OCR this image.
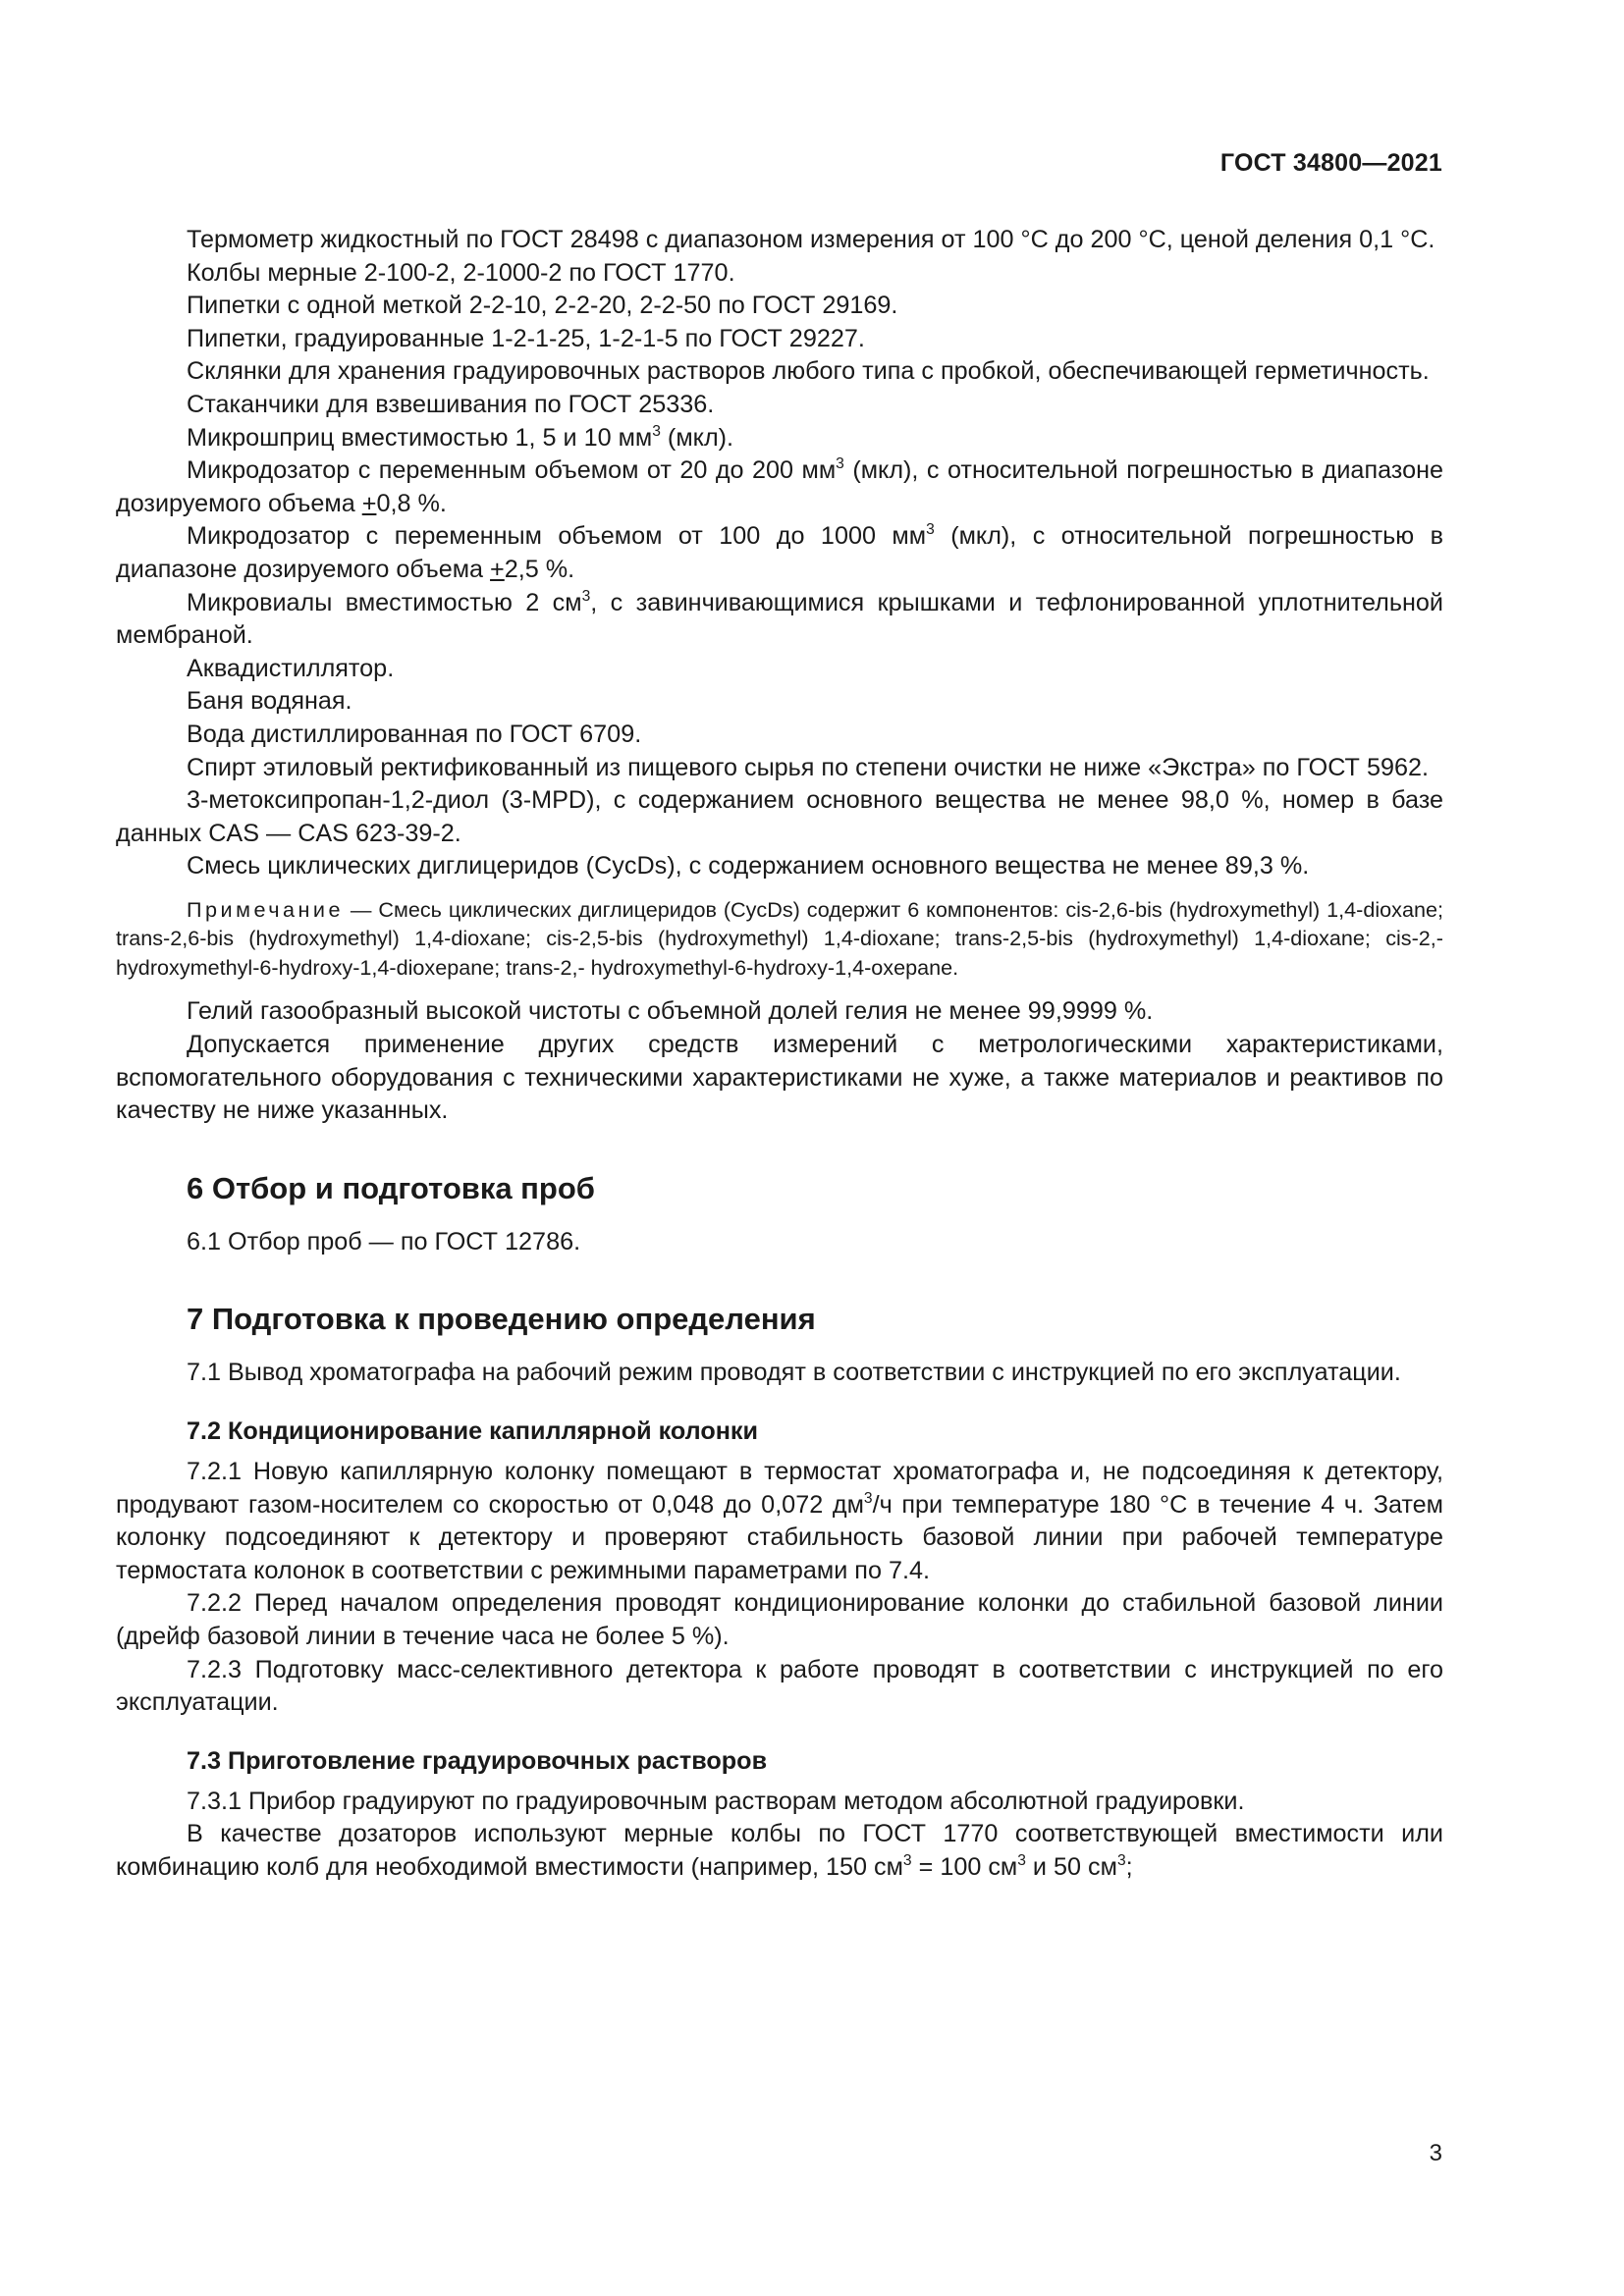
ГОСТ 34800—2021

Термометр жидкостный по ГОСТ 28498 с диапазоном измерения от 100 °С до 200 °С, ценой деления 0,1 °С.

Колбы мерные 2-100-2, 2-1000-2 по ГОСТ 1770.

Пипетки с одной меткой 2-2-10, 2-2-20, 2-2-50 по ГОСТ 29169.

Пипетки, градуированные 1-2-1-25, 1-2-1-5 по ГОСТ 29227.

Склянки для хранения градуировочных растворов любого типа с пробкой, обеспечивающей герметичность.

Стаканчики для взвешивания по ГОСТ 25336.

Микрошприц вместимостью 1, 5 и 10 $мм^3$ (мкл).

Микродозатор с переменным объемом от 20 до 200 $мм^3$ (мкл), с относительной погрешностью в диапазоне дозируемого объема +0,8 %.

Микродозатор с переменным объемом от 100 до 1000 $мм^3$ (мкл), с относительной погрешностью в диапазоне дозируемого объема +2,5 %.

Микровиалы вместимостью 2 $см^3$, с завинчивающимися крышками и тефлонированной уплотнительной мембраной.

Аквадистиллятор.

Баня водяная.

Вода дистиллированная по ГОСТ 6709.

Спирт этиловый ректификованный из пищевого сырья по степени очистки не ниже «Экстра» по ГОСТ 5962.

3-метоксипропан-1,2-диол (3-MPD), с содержанием основного вещества не менее 98,0 %, номер в базе данных CAS — CAS 623-39-2.

Смесь циклических диглицеридов (CycDs), с содержанием основного вещества не менее 89,3 %.

Примечание — Смесь циклических диглицеридов (CycDs) содержит 6 компонентов: cis-2,6-bis (hydroxymethyl) 1,4-dioxane; trans-2,6-bis (hydroxymethyl) 1,4-dioxane; cis-2,5-bis (hydroxymethyl) 1,4-dioxane; trans-2,5-bis (hydroxymethyl) 1,4-dioxane; cis-2,-hydroxymethyl-6-hydroxy-1,4-dioxepane; trans-2,- hydroxymethyl-6-hydroxy-1,4-oxepane.

Гелий газообразный высокой чистоты с объемной долей гелия не менее 99,9999 %.

Допускается применение других средств измерений с метрологическими характеристиками, вспомогательного оборудования с техническими характеристиками не хуже, а также материалов и реактивов по качеству не ниже указанных.

6 Отбор и подготовка проб

6.1 Отбор проб — по ГОСТ 12786.

7 Подготовка к проведению определения

7.1 Вывод хроматографа на рабочий режим проводят в соответствии с инструкцией по его эксплуатации.

7.2 Кондиционирование капиллярной колонки

7.2.1 Новую капиллярную колонку помещают в термостат хроматографа и, не подсоединяя к детектору, продувают газом-носителем со скоростью от 0,048 до 0,072 $дм^3/ч$ при температуре 180 °С в течение 4 ч. Затем колонку подсоединяют к детектору и проверяют стабильность базовой линии при рабочей температуре термостата колонок в соответствии с режимными параметрами по 7.4.

7.2.2 Перед началом определения проводят кондиционирование колонки до стабильной базовой линии (дрейф базовой линии в течение часа не более 5 %).

7.2.3 Подготовку масс-селективного детектора к работе проводят в соответствии с инструкцией по его эксплуатации.

7.3 Приготовление градуировочных растворов

7.3.1 Прибор градуируют по градуировочным растворам методом абсолютной градуировки.

В качестве дозаторов используют мерные колбы по ГОСТ 1770 соответствующей вместимости или комбинацию колб для необходимой вместимости (например, 150 $см^3 = 100$ $см^3$ и 50 $см^3$;

3
